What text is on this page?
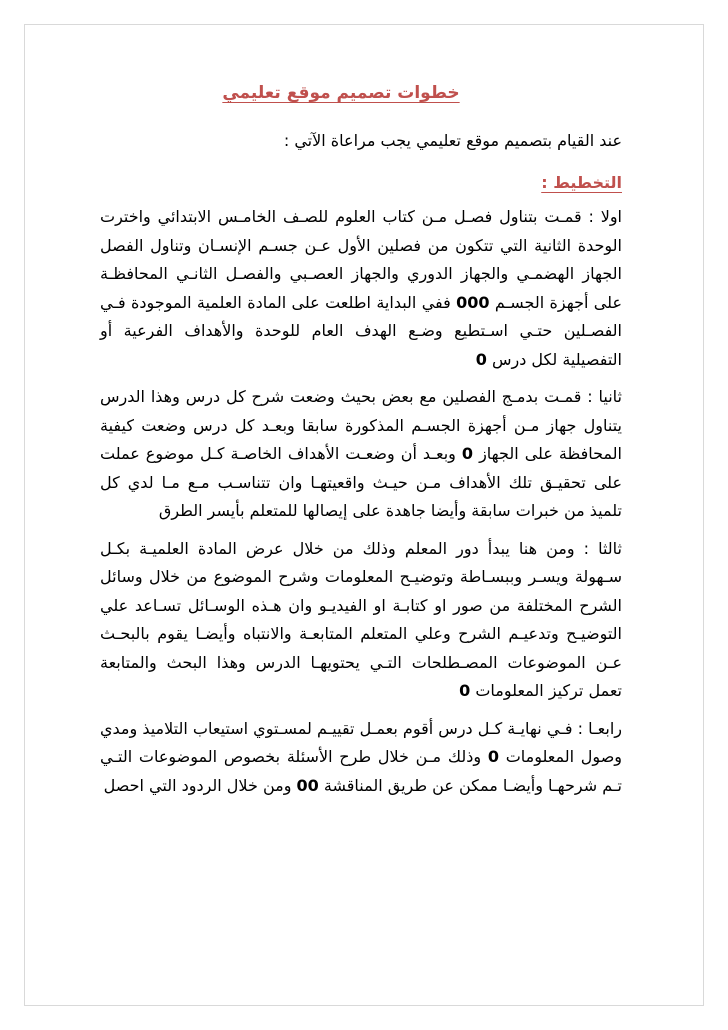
خطوات تصميم موقع تعليمي
عند القيام بتصميم موقع تعليمي يجب مراعاة الآتي :
التخطيط :

اولا : قمـت بتناول فصـل مـن كتاب العلوم للصـف الخامـس الابتدائي واخترت الوحدة الثانية التي تتكون من فصلين الأول عـن جسـم الإنسـان وتناول الفصل الجهاز الهضمـي والجهاز الدوري والجهاز العصـبي والفصـل الثانـي المحافظـة على أجهزة الجسـم 000 ففي البداية اطلعت على المادة العلمية الموجودة فـي الفصـلين حتـي اسـتطيع وضـع الهدف العام للوحدة والأهداف الفرعية أو التفصيلية لكل درس 0

ثانيا : قمـت بدمـج الفصلين مع بعض بحيث وضعت شرح كل درس وهذا الدرس يتناول جهاز مـن أجهزة الجسـم المذكورة سابقا وبعـد كل درس وضعت كيفية المحافظة على الجهاز 0 وبعـد أن وضعـت الأهداف الخاصـة كـل موضوع عملت على تحقيـق تلك الأهداف مـن حيـث واقعيتهـا وان تتناسـب مـع مـا لدي كل تلميذ من خبرات سابقة وأيضا جاهدة على إيصالها للمتعلم بأيسر الطرق

ثالثا : ومن هنا يبدأ دور المعلم وذلك من خلال عرض المادة العلميـة بكـل سـهولة ويسـر وببسـاطة وتوضيـح المعلومات وشرح الموضوع من خلال وسائل الشرح المختلفة من صور او كتابـة او الفيديـو وان هـذه الوسـائل تسـاعد علي التوضيـح وتدعيـم الشرح وعلي المتعلم المتابعـة والانتباه وأيضـا يقوم بالبحـث عـن الموضوعات المصـطلحات التـي يحتويهـا الدرس وهذا البحث والمتابعة تعمل تركيز المعلومات 0

رابعـا : فـي نهايـة كـل درس أقوم بعمـل تقييـم لمسـتوي استيعاب التلاميذ ومدي وصول المعلومات 0 وذلك مـن خلال طرح الأسئلة بخصوص الموضوعات التـي تـم شرحهـا وأيضـا ممكن عن طريق المناقشة 00 ومن خلال الردود التي احصل
